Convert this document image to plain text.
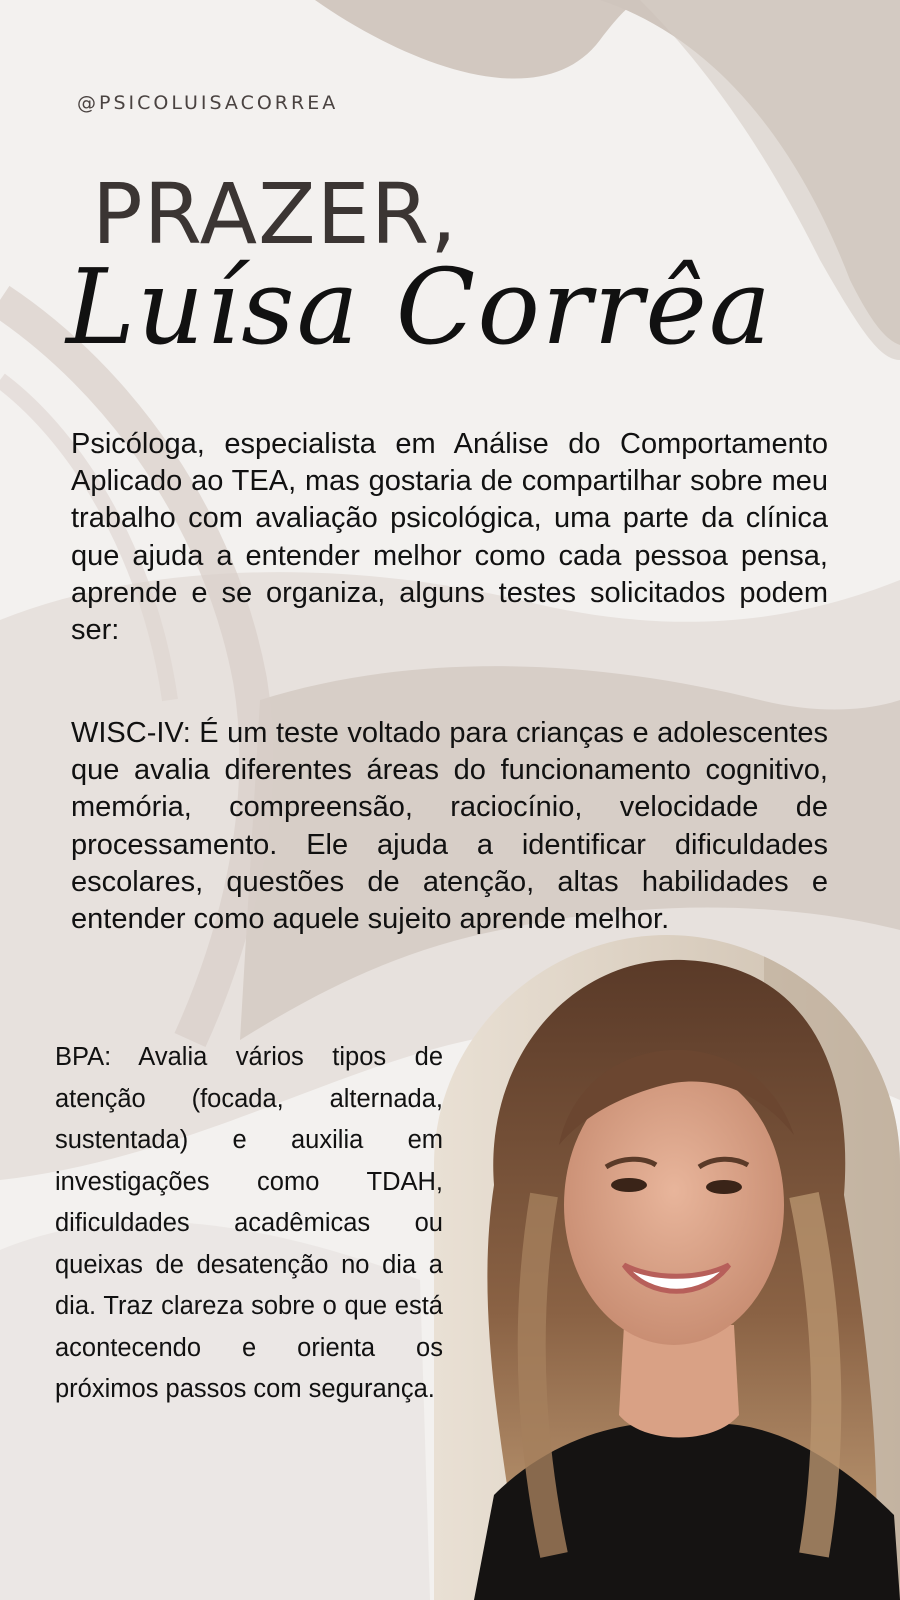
@PSICOLUISACORREA
PRAZER,
Luísa Corrêa

Psicóloga, especialista em Análise do Comportamento Aplicado ao TEA, mas gostaria de compartilhar sobre meu trabalho com avaliação psicológica, uma parte da clínica que ajuda a entender melhor como cada pessoa pensa, aprende e se organiza, alguns testes solicitados podem ser:

WISC-IV: É um teste voltado para crianças e adolescentes que avalia diferentes áreas do funcionamento cognitivo, memória, compreensão, raciocínio, velocidade de processamento. Ele ajuda a identificar dificuldades escolares, questões de atenção, altas habilidades e entender como aquele sujeito aprende melhor.

BPA: Avalia vários tipos de atenção (focada, alternada, sustentada) e auxilia em investigações como TDAH, dificuldades acadêmicas ou queixas de desatenção no dia a dia. Traz clareza sobre o que está acontecendo e orienta os próximos passos com segurança.
